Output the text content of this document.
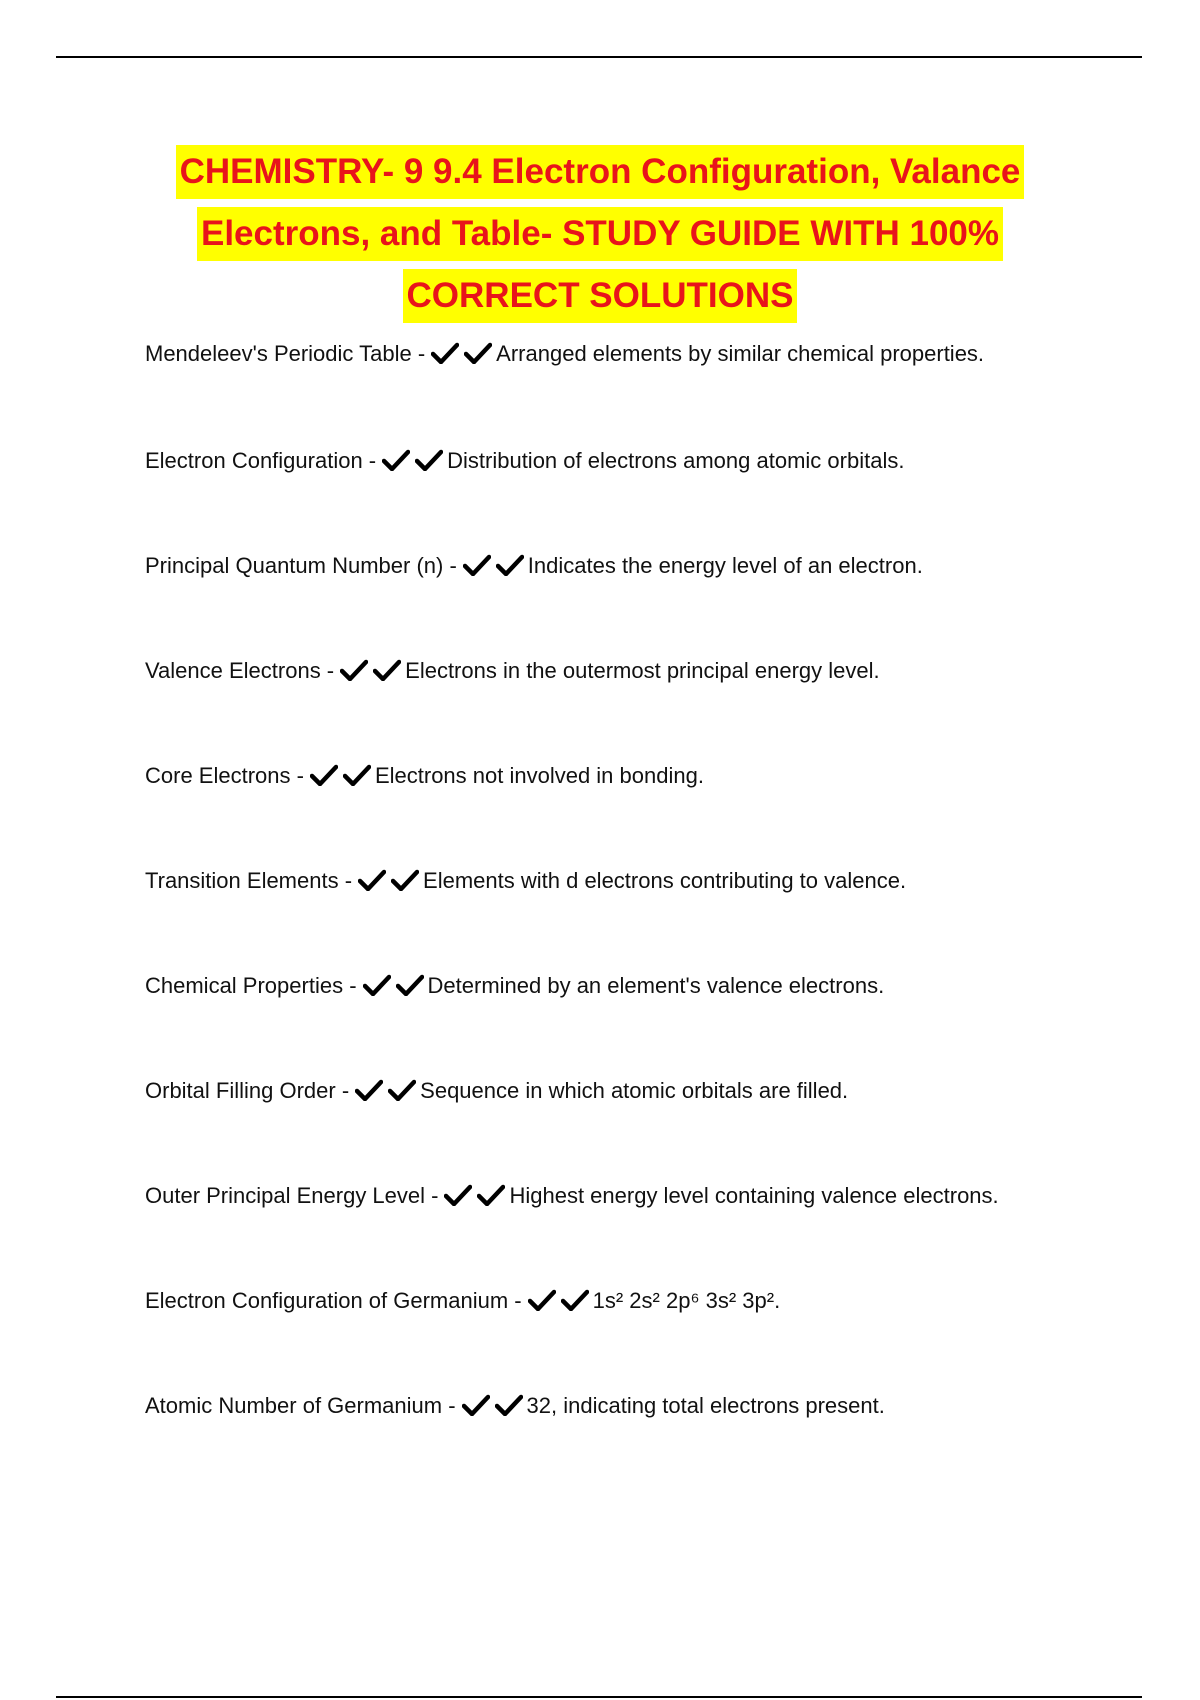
CHEMISTRY- 9 9.4 Electron Configuration, Valance
Electrons, and Table- STUDY GUIDE WITH 100%
CORRECT SOLUTIONS
Mendeleev's Periodic Table -	Arranged elements by similar chemical properties.
Electron Configuration -	Distribution of electrons among atomic orbitals.
Principal Quantum Number (n) -	Indicates the energy level of an electron.
Valence Electrons -	Electrons in the outermost principal energy level.
Core Electrons -	Electrons not involved in bonding.
Transition Elements -	Elements with d electrons contributing to valence.
Chemical Properties -	Determined by an element's valence electrons.
Orbital Filling Order -	Sequence in which atomic orbitals are filled.
Outer Principal Energy Level -	Highest energy level containing valence electrons.
Electron Configuration of Germanium -	1s² 2s² 2p⁶ 3s² 3p².
Atomic Number of Germanium -	32, indicating total electrons present.
